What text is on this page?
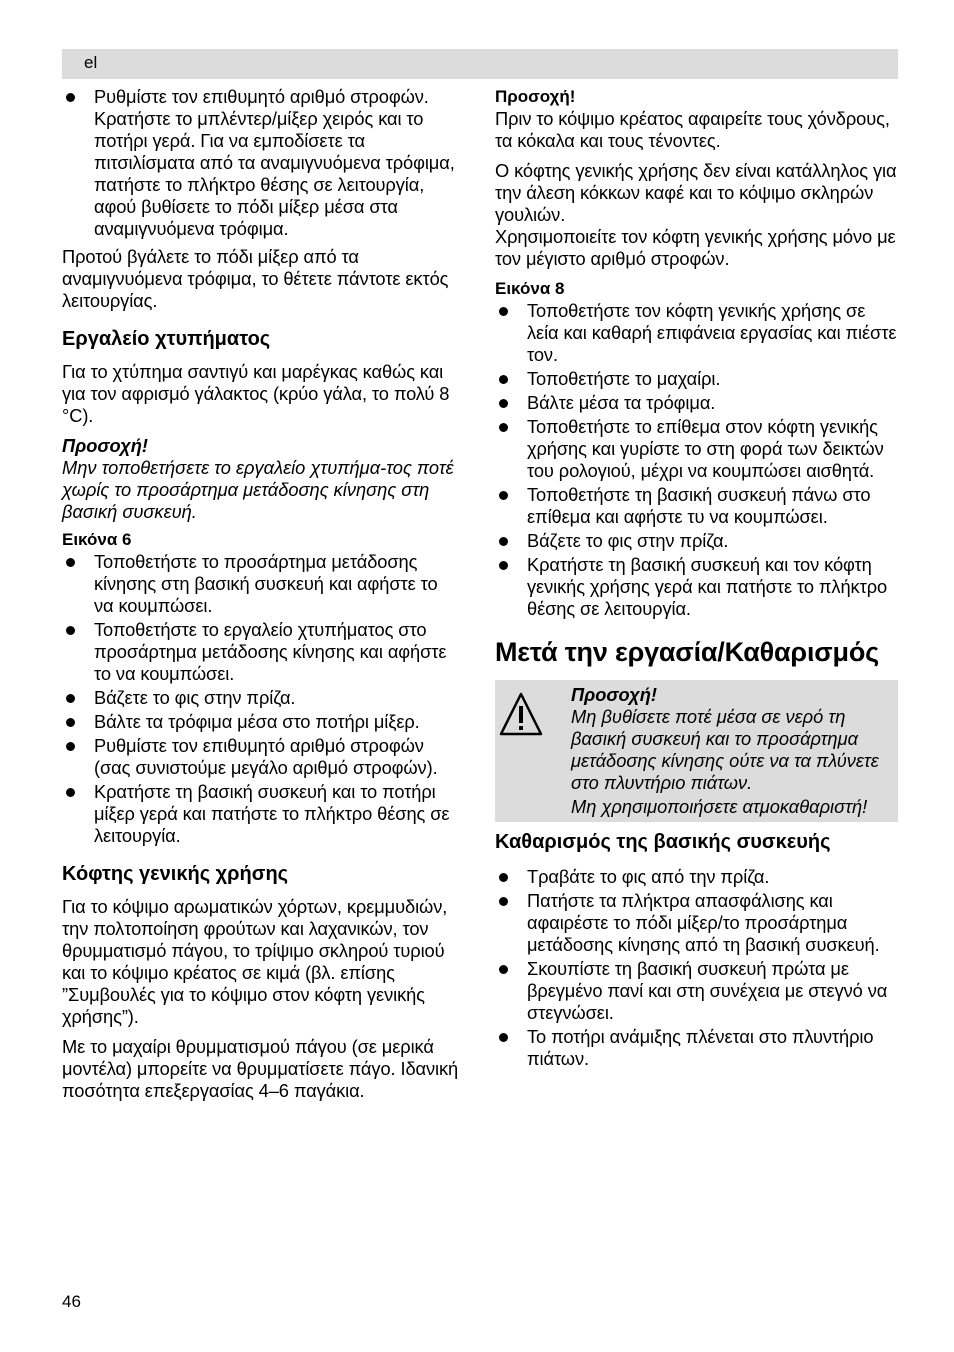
el
Ρυθμίστε τον επιθυμητό αριθμό στροφών. Κρατήστε το μπλέντερ/μίξερ χειρός και το ποτήρι γερά. Για να εμποδίσετε τα πιτσιλίσματα από τα αναμιγνυόμενα τρόφιμα, πατήστε το πλήκτρο θέσης σε λειτουργία, αφού βυθίσετε το πόδι μίξερ μέσα στα αναμιγνυόμενα τρόφιμα.

Προτού βγάλετε το πόδι μίξερ από τα αναμιγνυόμενα τρόφιμα, το θέτετε πάντοτε εκτός λειτουργίας.

Εργαλείο χτυπήματος

Για το χτύπημα σαντιγύ και μαρέγκας καθώς και για τον αφρισμό γάλακτος (κρύο γάλα, το πολύ 8 °C).

Προσοχή!

Μην τοποθετήσετε το εργαλείο χτυπήμα-τος ποτέ χωρίς το προσάρτημα μετάδοσης κίνησης στη βασική συσκευή.

Εικόνα 6

Τοποθετήστε το προσάρτημα μετάδοσης κίνησης στη βασική συσκευή και αφήστε το να κουμπώσει.
Τοποθετήστε το εργαλείο χτυπήματος στο προσάρτημα μετάδοσης κίνησης και αφήστε το να κουμπώσει.
Βάζετε το φις στην πρίζα.
Βάλτε τα τρόφιμα μέσα στο ποτήρι μίξερ.
Ρυθμίστε τον επιθυμητό αριθμό στροφών (σας συνιστούμε μεγάλο αριθμό στροφών).
Κρατήστε τη βασική συσκευή και το ποτήρι μίξερ γερά και πατήστε το πλήκτρο θέσης σε λειτουργία.
Κόφτης γενικής χρήσης

Για το κόψιμο αρωματικών χόρτων, κρεμμυδιών, την πολτοποίηση φρούτων και λαχανικών, τον θρυμματισμό πάγου, το τρίψιμο σκληρού τυριού και το κόψιμο κρέατος σε κιμά (βλ. επίσης ”Συμβουλές για το κόψιμο στον κόφτη γενικής χρήσης”).

Με το μαχαίρι θρυμματισμού πάγου (σε μερικά μοντέλα) μπορείτε να θρυμματίσετε πάγο. Ιδανική ποσότητα επεξεργασίας 4–6 παγάκια.

Προσοχή!

Πριν το κόψιμο κρέατος αφαιρείτε τους χόνδρους, τα κόκαλα και τους τένοντες.

Ο κόφτης γενικής χρήσης δεν είναι κατάλληλος για την άλεση κόκκων καφέ και το κόψιμο σκληρών γουλιών.

Χρησιμοποιείτε τον κόφτη γενικής χρήσης μόνο με τον μέγιστο αριθμό στροφών.

Εικόνα 8

Τοποθετήστε τον κόφτη γενικής χρήσης σε λεία και καθαρή επιφάνεια εργασίας και πιέστε τον.
Τοποθετήστε το μαχαίρι.
Βάλτε μέσα τα τρόφιμα.
Τοποθετήστε το επίθεμα στον κόφτη γενικής χρήσης και γυρίστε το στη φορά των δεικτών του ρολογιού, μέχρι να κουμπώσει αισθητά.
Τοποθετήστε τη βασική συσκευή πάνω στο επίθεμα και αφήστε τυ να κουμπώσει.
Βάζετε το φις στην πρίζα.
Κρατήστε τη βασική συσκευή και τον κόφτη γενικής χρήσης γερά και πατήστε το πλήκτρο θέσης σε λειτουργία.
Μετά την εργασία/Καθαρισμός

Προσοχή!

Μη βυθίσετε ποτέ μέσα σε νερό τη βασική συσκευή και το προσάρτημα μετάδοσης κίνησης ούτε να τα πλύνετε στο πλυντήριο πιάτων.

Μη χρησιμοποιήσετε ατμοκαθαριστή!

Καθαρισμός της βασικής συσκευής
Τραβάτε το φις από την πρίζα.
Πατήστε τα πλήκτρα απασφάλισης και αφαιρέστε το πόδι μίξερ/το προσάρτημα μετάδοσης κίνησης από τη βασική συσκευή.
Σκουπίστε τη βασική συσκευή πρώτα με βρεγμένο πανί και στη συνέχεια με στεγνό να στεγνώσει.
Το ποτήρι ανάμιξης πλένεται στο πλυντήριο πιάτων.
46
